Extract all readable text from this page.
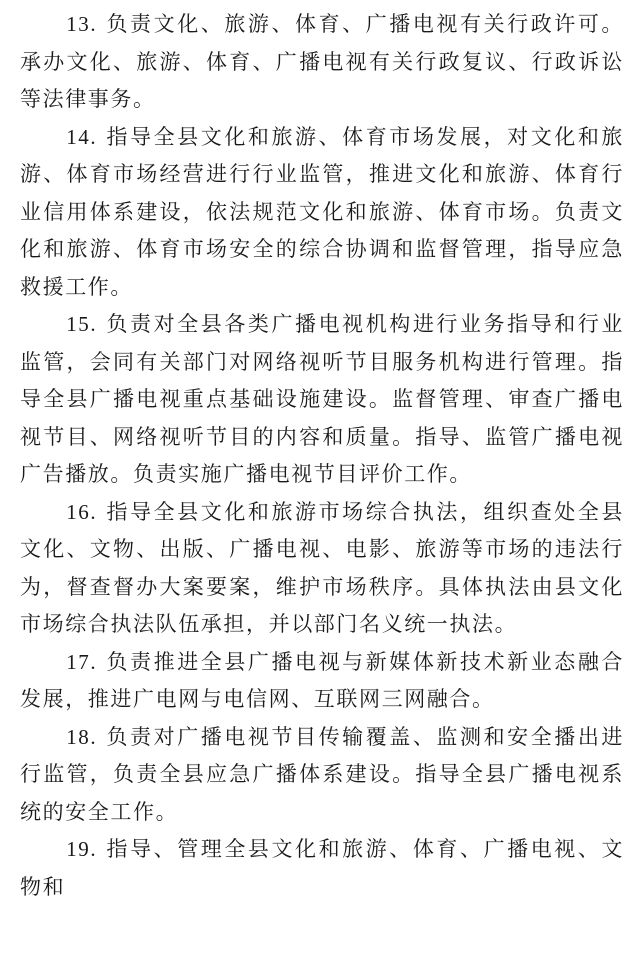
13. 负责文化、旅游、体育、广播电视有关行政许可。承办文化、旅游、体育、广播电视有关行政复议、行政诉讼等法律事务。

14. 指导全县文化和旅游、体育市场发展，对文化和旅游、体育市场经营进行行业监管，推进文化和旅游、体育行业信用体系建设，依法规范文化和旅游、体育市场。负责文化和旅游、体育市场安全的综合协调和监督管理，指导应急救援工作。

15. 负责对全县各类广播电视机构进行业务指导和行业监管，会同有关部门对网络视听节目服务机构进行管理。指导全县广播电视重点基础设施建设。监督管理、审查广播电视节目、网络视听节目的内容和质量。指导、监管广播电视广告播放。负责实施广播电视节目评价工作。

16. 指导全县文化和旅游市场综合执法，组织查处全县文化、文物、出版、广播电视、电影、旅游等市场的违法行为，督查督办大案要案，维护市场秩序。具体执法由县文化市场综合执法队伍承担，并以部门名义统一执法。

17. 负责推进全县广播电视与新媒体新技术新业态融合发展，推进广电网与电信网、互联网三网融合。

18. 负责对广播电视节目传输覆盖、监测和安全播出进行监管，负责全县应急广播体系建设。指导全县广播电视系统的安全工作。

19. 指导、管理全县文化和旅游、体育、广播电视、文物和
